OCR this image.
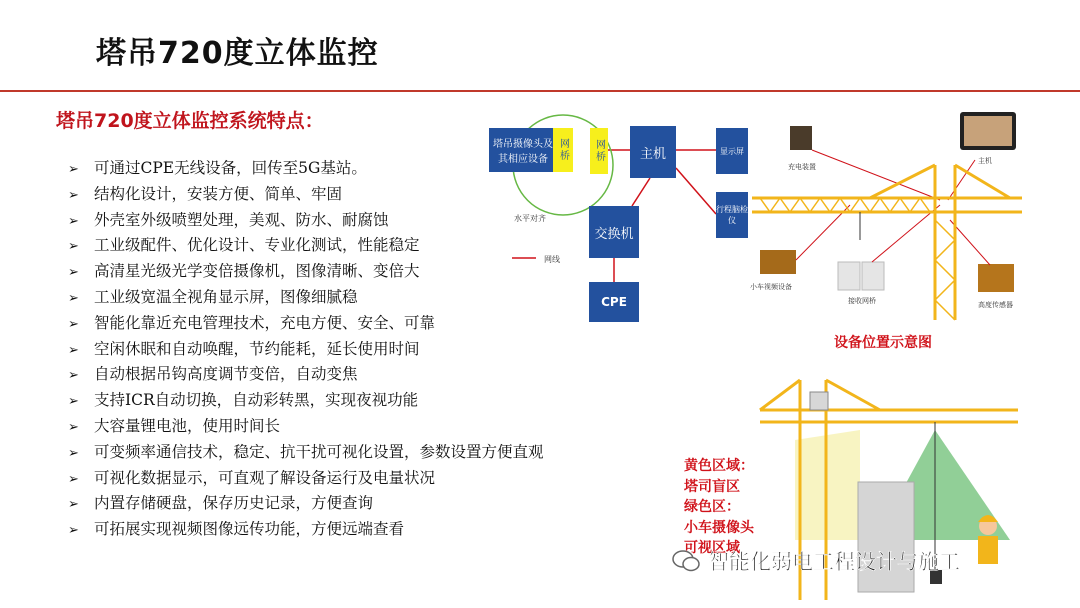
塔吊720度立体监控
塔吊720度立体监控系统特点：
➢ 可通过CPE无线设备，回传至5G基站。
➢ 结构化设计，安装方便、简单、牢固
➢ 外壳室外级喷塑处理，美观、防水、耐腐蚀
➢ 工业级配件、优化设计、专业化测试，性能稳定
➢ 高清星光级光学变倍摄像机，图像清晰、变倍大
➢ 工业级宽温全视角显示屏，图像细腻稳
➢ 智能化靠近充电管理技术，充电方便、安全、可靠
➢ 空闲休眠和自动唤醒，节约能耗，延长使用时间
➢ 自动根据吊钩高度调节变倍，自动变焦
➢ 支持ICR自动切换，自动彩转黑，实现夜视功能
➢ 大容量锂电池，使用时间长
➢ 可变频率通信技术，稳定、抗干扰可视化设置，参数设置方便直观
➢ 可视化数据显示，可直观了解设备运行及电量状况
➢ 内置存储硬盘，保存历史记录，方便查询
➢ 可拓展实现视频图像远传功能，方便远端查看
塔吊摄像头及其相应设备 网桥	网桥	主机	显示屏
行程脑检仪
交换机
CPE
水平对齐
网线
充电装置
主机
小车视频设备
接收网桥	高度传感器
设备位置示意图
黄色区域：
塔司盲区
绿色区：
小车摄像头
可视区域
智能化弱电工程设计与施工
